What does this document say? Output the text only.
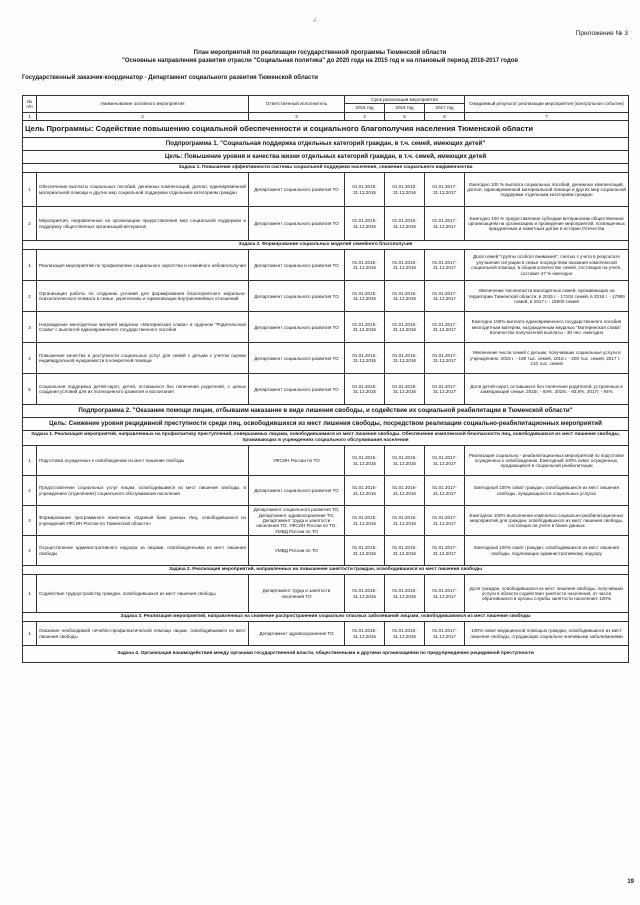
·/·
Приложение № 3
План мероприятий по реализации государственной программы Тюменской области
"Основные направления развития отрасли "Социальная политика" до 2020 года на 2015 год и на плановый период 2016-2017 годов
Государственный заказчик-координатор - Департамент социального развития Тюменской области
№ п/п	Наименование основного мероприятия	Ответственный исполнитель	Срок реализации мероприятия			Ожидаемый результат реализации мероприятия (контрольное событие)
			2015 год	2016 год	2017 год	
1	2	3	4	5	6	7
Цель Программы: Содействие повышению социальной обеспеченности и социального благополучия населения Тюменской области						
Подпрограмма 1. "Социальная поддержка отдельных категорий граждан, в т.ч. семей, имеющих детей"						
Цель: Повышение уровня и качества жизни отдельных категорий граждан, в т.ч. семей, имеющих детей						
Задача 1. Повышение эффективности системы социальной поддержки населения, снижение социального иждивенчества						
1	Обеспечение выплаты социальных пособий, денежных компенсаций, доплат, единовременной материальной помощи и других мер социальной поддержки отдельным категориям граждан	Департамент социального развития ТО	01.01.2015-31.12.2015	01.01.2016-31.12.2016	01.01.2017-31.12.2017	Ежегодно 100 % выплата социальных пособий, денежных компенсаций, доплат, единовременной материальной помощи и других мер социальной поддержки отдельным категориям граждан
2	Мероприятия, направленные на организацию предоставления мер социальной поддержки и поддержку общественных организаций ветеранов	Департамент социального развития ТО	01.01.2015-31.12.2015	01.01.2016-31.12.2016	01.01.2017-31.12.2017	Ежегодно 100 % предоставление субсидии ветеранским общественным организациям на организацию и проведение мероприятий, посвященных праздничным и памятным датам в истории Отечества
Задача 2. Формирование социальных моделей семейного благополучия						
1	Реализация мероприятий по профилактике социального сиротства и семейного неблагополучия	Департамент социального развития ТО	01.01.2015-31.12.2015	01.01.2016-31.12.2016	01.01.2017-31.12.2017	Доля семей "группы особого внимания", снятых с учета в результате улучшения ситуации в семье посредством оказания комплексной социальной помощи, в общем количестве семей, состоящих на учете, составит 47 % ежегодно
2	Организация работы по созданию условий для формирования благоприятного морально-психологического климата в семье, укреплению и гармонизации внутрисемейных отношений	Департамент социального развития ТО	01.01.2015-31.12.2015	01.01.2016-31.12.2016	01.01.2017-31.12.2017	Увеличение численности многодетных семей, проживающих на территории Тюменской области: в 2015 г. - 17104 семей, в 2016 г. - 17959 семей, в 2017 г. - 18000 семей
3	Награждение многодетных матерей медалью «Материнская слава» и орденом "Родительская Слава" с выплатой единовременного государственного пособия	Департамент социального развития ТО	01.01.2015-31.12.2015	01.01.2016-31.12.2016	01.01.2017-31.12.2017	Ежегодно 100% выплата единовременного государственного пособия многодетным матерям, награжденным медалью "Материнская слава" Количество получателей выплаты - 30 чел. ежегодно
4	Повышение качества и доступности социальных услуг для семей с детьми с учетом оценки индивидуальной нуждаемости в конкретной помощи	Департамент социального развития ТО	01.01.2015-31.12.2015	01.01.2016-31.12.2016	01.01.2017-31.12.2017	Увеличение числа семей с детьми, получивших социальные услуги в учреждениях: 2015 г. - 190 тыс. семей, 2016 г. - 200 тыс. семей, 2017 г. - 210 тыс. семей
5	Социальная поддержка детей-сирот, детей, оставшихся без попечения родителей, с целью создания условий для их полноценного развития и воспитания	Департамент социального развития ТО	01.01.2015-31.12.2015	01.01.2016-31.12.2016	01.01.2017-31.12.2017	Доля детей-сирот, оставшихся без попечения родителей, устроенных в замещающие семьи: 2015г. - 93%, 2016г. - 93,5%, 2017г. - 94%
Подпрограмма 2. "Оказание помощи лицам, отбывшим наказание в виде лишения свободы, и содействие их социальной реабилитации в Тюменской области"						
Цель: Снижение уровня рецидивной преступности среди лиц, освободившихся из мест лишения свободы, посредством реализации социально-реабилитационных мероприятий						
Задача 1. Реализация мероприятий, направленных на профилактику преступлений, совершаемых лицами, освободившимися из мест лишения свободы. Обеспечение комплексной безопасности лиц, освободившихся из мест лишения свободы, проживающих в учреждениях социального обслуживания населения						
1	Подготовка осужденных к освобождению из мест лишения свободы	УФСИН России по ТО	01.01.2015-31.12.2015	01.01.2016-31.12.2016	01.01.2017-31.12.2017	Реализация социально - реабилитационных мероприятий по подготовке осужденных к освобождению. Ежегодный 100% охват осужденных, нуждающихся в социальной реабилитации
2	Предоставление социальных услуг лицам, освободившимся из мест лишения свободы, в учреждениях (отделениях) социального обслуживания населения	Департамент социального развития ТО	01.01.2015-31.12.2015	01.01.2016-31.12.2016	01.01.2017-31.12.2017	Ежегодный 100% охват граждан, освободившихся из мест лишения свободы, нуждающихся в социальных услугах
3	Формирование программного комплекса «Единый банк данных Лиц, освободившихся из учреждений УФСИН России по Тюменской области»	Департамент социального развития ТО, Департамент здравоохранения ТО, Департамент труда и занятости населения ТО, УФСИН России по ТО, УМВД России по ТО	01.01.2015-31.12.2015	01.01.2016-31.12.2016	01.01.2017-31.12.2017	Ежегодное 100% выполнение комплекса социально-реабилитационных мероприятий для граждан, освободившихся из мест лишения свободы, состоящих на учете в банке данных
4	Осуществление административного надзора за лицами, освобожденными из мест лишения свободы	УМВД России по ТО	01.01.2015-31.12.2015	01.01.2016-31.12.2016	01.01.2017-31.12.2017	Ежегодный 100% охват граждан, освободившихся из мест лишения свободы, подлежащих административному надзору
Задача 2. Реализация мероприятий, направленных на повышение занятости граждан, освободившихся из мест лишения свободы						
1	Содействие трудоустройству граждан, освободившихся из мест лишения свободы	Департамент труда и занятости населения ТО	01.01.2015-31.12.2015	01.01.2016-31.12.2016	01.01.2017-31.12.2017	Доля граждан, освободившихся из мест лишения свободы, получивших услуги в области содействия занятости населения, от числа обратившихся в органы службы занятости населения: 100%
Задача 3. Реализация мероприятий, направленных на снижение распространения социально опасных заболеваний лицами, освободившимися из мест лишения свободы						
1	Оказание необходимой лечебно-профилактической помощи лицам, освободившимся из мест лишения свободы	Департамент здравоохранения ТО	01.01.2015-31.12.2015	01.01.2016-31.12.2016	01.01.2017-31.12.2017	100% охват медицинской помощью граждан, освободившихся из мест лишения свободы, страдающих социально-значимыми заболеваниями
Задача 4. Организация взаимодействия между органами государственной власти, общественными и другими организациями по предупреждению рецидивной преступности						
19
